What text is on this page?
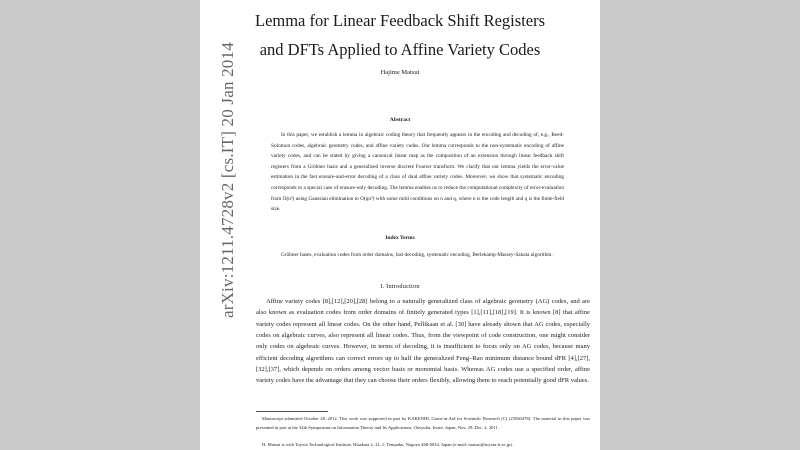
Lemma for Linear Feedback Shift Registers
and DFTs Applied to Affine Variety Codes
Hajime Matsui
Abstract

In this paper, we establish a lemma in algebraic coding theory that frequently appears in the encoding and decoding of, e.g., Reed-Solomon codes, algebraic geometry codes, and affine variety codes. Our lemma corresponds to the non-systematic encoding of affine variety codes, and can be stated by giving a canonical linear map as the composition of an extension through linear feedback shift registers from a Gröbner basis and a generalized inverse discrete Fourier transform. We clarify that our lemma yields the error-value estimation in the fast erasure-and-error decoding of a class of dual affine variety codes. Moreover, we show that systematic encoding corresponds to a special case of erasure-only decoding. The lemma enables us to reduce the computational complexity of error-evaluation from O(n³) using Gaussian elimination to O(qn²) with some mild conditions on n and q, where n is the code length and q is the finite-field size.

Index Terms

Gröbner bases, evaluation codes from order domains, fast decoding, systematic encoding, Berlekamp-Massey-Sakata algorithm.

I. Introduction

Affine variety codes [8],[12],[20],[28] belong to a naturally generalized class of algebraic geometry (AG) codes, and are also known as evaluation codes from order domains of finitely generated types [1],[11],[18],[19]. It is known [8] that affine variety codes represent all linear codes. On the other hand, Pellikaan et al. [30] have already shown that AG codes, especially codes on algebraic curves, also represent all linear codes. Thus, from the viewpoint of code construction, one might consider only codes on algebraic curves. However, in terms of decoding, it is insufficient to focus only on AG codes, because many efficient decoding algorithms can correct errors up to half the generalized Feng–Rao minimum distance bound dFR [4],[27],[32],[37], which depends on orders among vector basis or monomial basis. Whereas AG codes use a specified order, affine variety codes have the advantage that they can choose their orders flexibly, allowing them to reach potentially good dFR values.

Manuscript submitted October 28, 2012. This work was supported in part by KAKENHI, Grant-in-Aid for Scientific Research (C) (23560478). The material in this paper was presented in part at the 34th Symposium on Information Theory and Its Applications, Ousyuku, Iwate, Japan, Nov. 29–Dec. 2, 2011.

H. Matsui is with Toyota Technological Institute, Hisakata 2–12–1, Tempaku, Nagoya 468-0034, Japan (e-mail: matsui@toyota-ti.ac.jp).

arXiv:1211.4728v2 [cs.IT] 20 Jan 2014
